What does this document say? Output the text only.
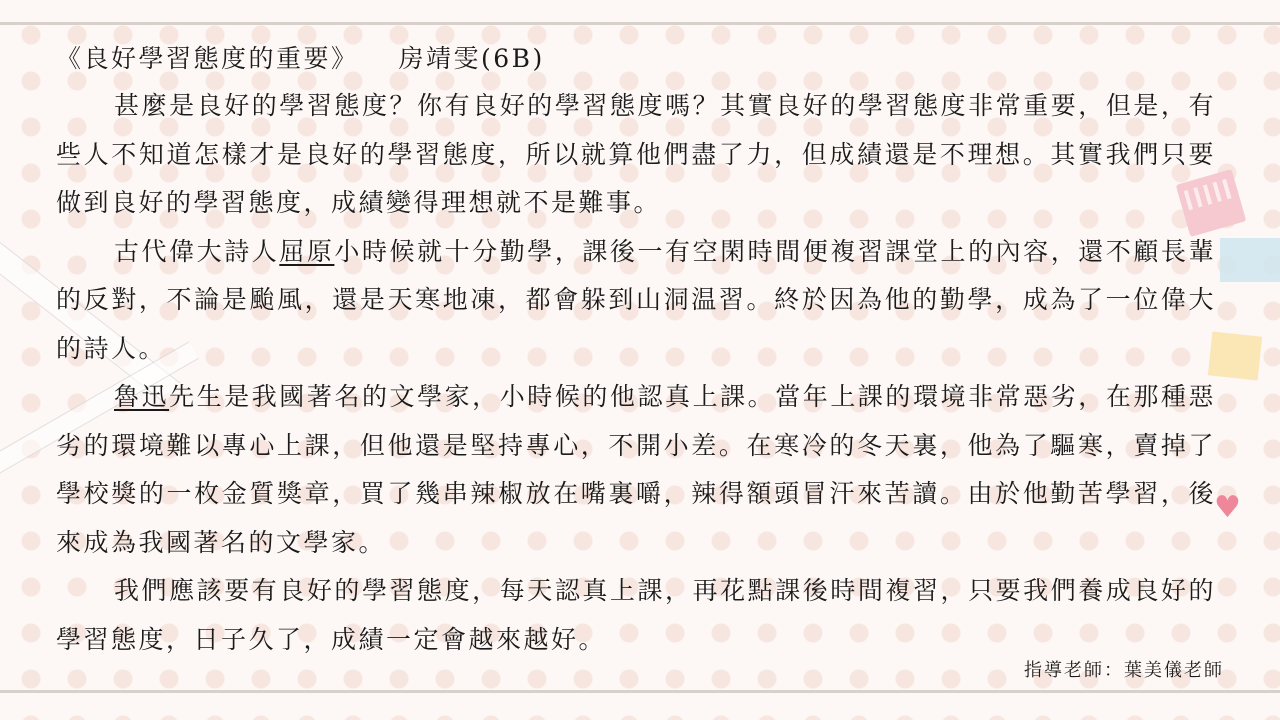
♥
《良好學習態度的重要》 房靖雯(6B)

甚麼是良好的學習態度？你有良好的學習態度嗎？其實良好的學習態度非常重要，但是，有些人不知道怎樣才是良好的學習態度，所以就算他們盡了力，但成績還是不理想。其實我們只要做到良好的學習態度，成績變得理想就不是難事。

古代偉大詩人屈原小時候就十分勤學，課後一有空閑時間便複習課堂上的內容，還不顧長輩的反對，不論是颱風，還是天寒地凍，都會躲到山洞温習。終於因為他的勤學，成為了一位偉大的詩人。

魯迅先生是我國著名的文學家，小時候的他認真上課。當年上課的環境非常惡劣，在那種惡劣的環境難以專心上課，但他還是堅持專心，不開小差。在寒冷的冬天裏，他為了驅寒，賣掉了學校獎的一枚金質獎章，買了幾串辣椒放在嘴裏嚼，辣得額頭冒汗來苦讀。由於他勤苦學習，後來成為我國著名的文學家。

我們應該要有良好的學習態度，每天認真上課，再花點課後時間複習，只要我們養成良好的學習態度，日子久了，成績一定會越來越好。

指導老師：葉美儀老師
